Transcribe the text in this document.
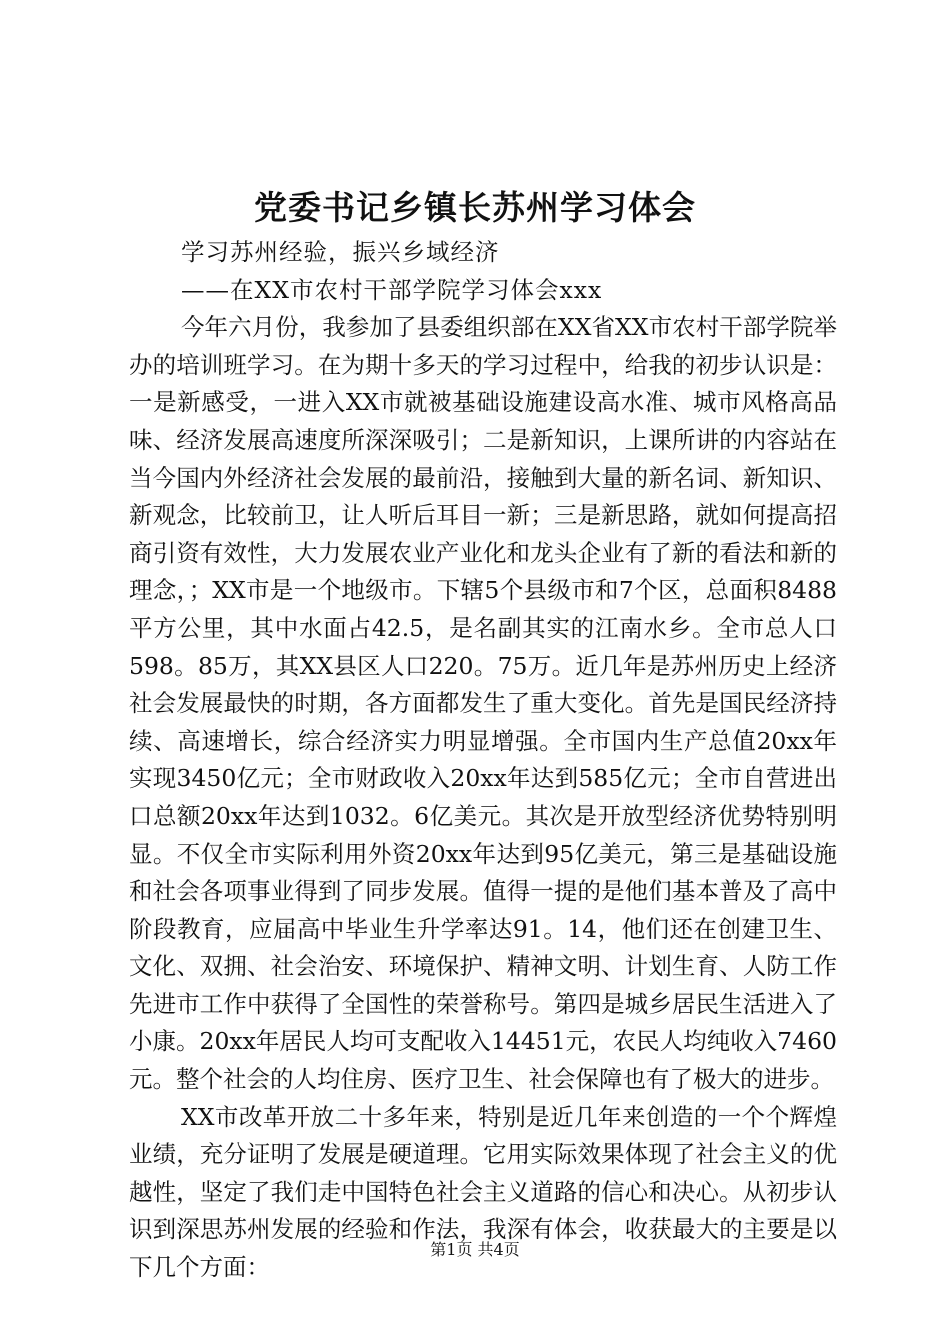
党委书记乡镇长苏州学习体会

学习苏州经验，振兴乡域经济

——在XX市农村干部学院学习体会xxx

今年六月份，我参加了县委组织部在XX省XX市农村干部学院举办的培训班学习。在为期十多天的学习过程中，给我的初步认识是：一是新感受，一进入XX市就被基础设施建设高水准、城市风格高品味、经济发展高速度所深深吸引；二是新知识，上课所讲的内容站在当今国内外经济社会发展的最前沿，接触到大量的新名词、新知识、新观念，比较前卫，让人听后耳目一新；三是新思路，就如何提高招商引资有效性，大力发展农业产业化和龙头企业有了新的看法和新的理念，；XX市是一个地级市。下辖5个县级市和7个区，总面积8488平方公里，其中水面占42.5，是名副其实的江南水乡。全市总人口598。85万，其XX县区人口220。75万。近几年是苏州历史上经济社会发展最快的时期，各方面都发生了重大变化。首先是国民经济持续、高速增长，综合经济实力明显增强。全市国内生产总值20xx年实现3450亿元；全市财政收入20xx年达到585亿元；全市自营进出口总额20xx年达到1032。6亿美元。其次是开放型经济优势特别明显。不仅全市实际利用外资20xx年达到95亿美元，第三是基础设施和社会各项事业得到了同步发展。值得一提的是他们基本普及了高中阶段教育，应届高中毕业生升学率达91。14，他们还在创建卫生、文化、双拥、社会治安、环境保护、精神文明、计划生育、人防工作先进市工作中获得了全国性的荣誉称号。第四是城乡居民生活进入了小康。20xx年居民人均可支配收入14451元，农民人均纯收入7460元。整个社会的人均住房、医疗卫生、社会保障也有了极大的进步。

XX市改革开放二十多年来，特别是近几年来创造的一个个辉煌业绩，充分证明了发展是硬道理。它用实际效果体现了社会主义的优越性，坚定了我们走中国特色社会主义道路的信心和决心。从初步认识到深思苏州发展的经验和作法，我深有体会，收获最大的主要是以下几个方面：

第1页 共4页
